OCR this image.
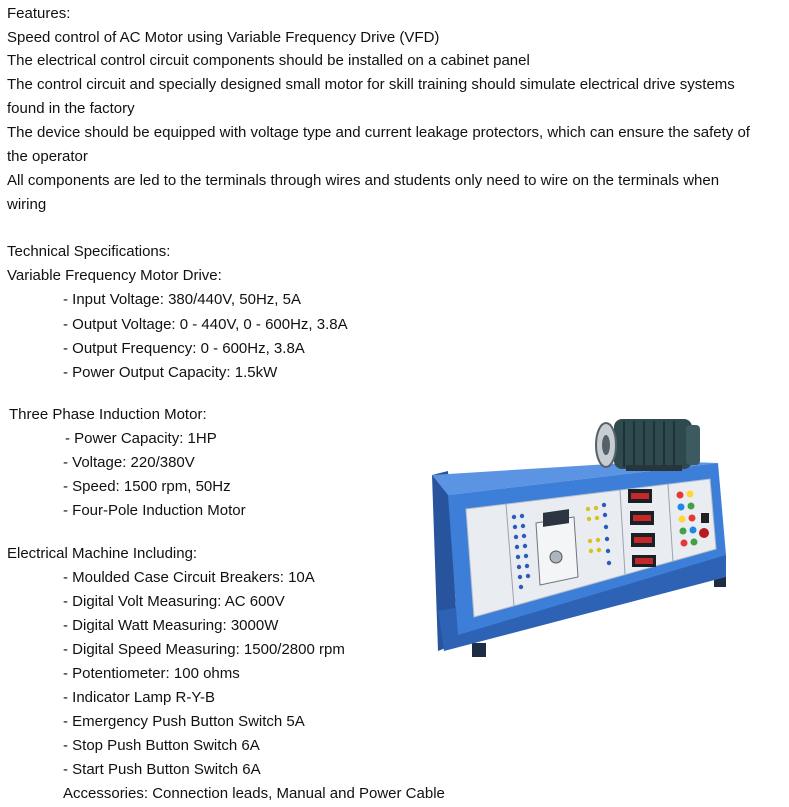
Features:
Speed control of AC Motor using Variable Frequency Drive (VFD)
The electrical control circuit components should be installed on a cabinet panel
The control circuit and specially designed small motor for skill training should simulate electrical drive systems
found in the factory
The device should be equipped with voltage type and current leakage protectors, which can ensure the safety of
the operator
All components are led to the terminals through wires and students only need to wire on the terminals when
wiring
Technical Specifications:
Variable Frequency Motor Drive:
- Input Voltage: 380/440V, 50Hz, 5A
- Output Voltage: 0 - 440V, 0 - 600Hz, 3.8A
- Output Frequency: 0 - 600Hz, 3.8A
- Power Output Capacity: 1.5kW
Three Phase Induction Motor:
- Power Capacity: 1HP
- Voltage: 220/380V
- Speed: 1500 rpm, 50Hz
- Four-Pole Induction Motor
Electrical Machine Including:
- Moulded Case Circuit Breakers: 10A
- Digital Volt Measuring: AC 600V
- Digital Watt Measuring: 3000W
- Digital Speed Measuring: 1500/2800 rpm
- Potentiometer: 100 ohms
- Indicator Lamp R-Y-B
- Emergency Push Button Switch 5A
- Stop Push Button Switch 6A
- Start Push Button Switch 6A
Accessories: Connection leads, Manual and Power Cable
